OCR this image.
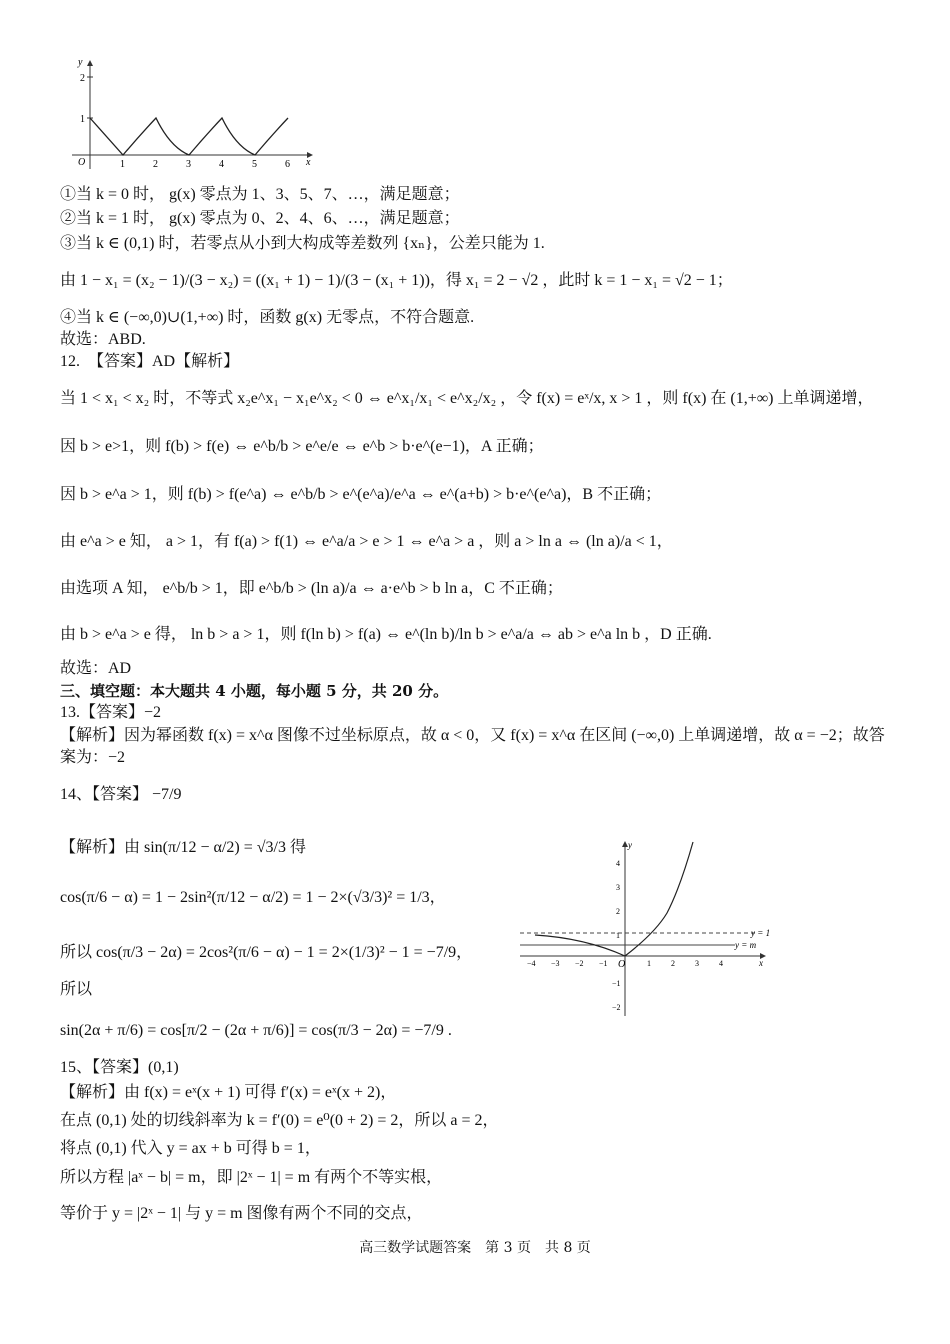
y
x
O
1
2
1	2	3	4	5	6
①当 k = 0 时， g(x) 零点为 1、3、5、7、…，满足题意；
②当 k = 1 时， g(x) 零点为 0、2、4、6、…，满足题意；
③当 k ∈ (0,1) 时，若零点从小到大构成等差数列 {xₙ}，公差只能为 1.
由 1 − x₁ = (x₂ − 1)/(3 − x₂) = ((x₁ + 1) − 1)/(3 − (x₁ + 1))，得 x₁ = 2 − √2 ，此时 k = 1 − x₁ = √2 − 1；
④当 k ∈ (−∞,0)∪(1,+∞) 时，函数 g(x) 无零点，不符合题意.
故选：ABD.
12.　【答案】AD【解析】
当 1 < x₁ < x₂ 时，不等式 x₂e^x₁ − x₁e^x₂ < 0 ⇔ e^x₁/x₁ < e^x₂/x₂ ，令 f(x) = eˣ/x, x > 1 ，则 f(x) 在 (1,+∞) 上单调递增，
因 b > e>1，则 f(b) > f(e) ⇔ e^b/b > e^e/e ⇔ e^b > b·e^(e−1)，A 正确；
因 b > e^a > 1，则 f(b) > f(e^a) ⇔ e^b/b > e^(e^a)/e^a ⇔ e^(a+b) > b·e^(e^a)，B 不正确；
由 e^a > e 知， a > 1，有 f(a) > f(1) ⇔ e^a/a > e > 1 ⇔ e^a > a ，则 a > ln a ⇔ (ln a)/a < 1，
由选项 A 知， e^b/b > 1，即 e^b/b > (ln a)/a ⇔ a·e^b > b ln a，C 不正确；
由 b > e^a > e 得， ln b > a > 1，则 f(ln b) > f(a) ⇔ e^(ln b)/ln b > e^a/a ⇔ ab > e^a ln b ，D 正确.
故选：AD
三、填空题：本大题共 4 小题，每小题 5 分，共 20 分。
13.【答案】−2
【解析】因为幂函数 f(x) = x^α 图像不过坐标原点，故 α < 0，又 f(x) = x^α 在区间 (−∞,0) 上单调递增，故 α = −2；故答案为：−2
14、【答案】 −7/9
【解析】由 sin(π/12 − α/2) = √3/3 得
cos(π/6 − α) = 1 − 2sin²(π/12 − α/2) = 1 − 2×(√3/3)² = 1/3，
所以 cos(π/3 − 2α) = 2cos²(π/6 − α) − 1 = 2×(1/3)² − 1 = −7/9，
所以
sin(2α + π/6) = cos[π/2 − (2α + π/6)] = cos(π/3 − 2α) = −7/9 .
15、【答案】(0,1)
【解析】由 f(x) = eˣ(x + 1) 可得 f′(x) = eˣ(x + 2)，
在点 (0,1) 处的切线斜率为 k = f′(0) = e⁰(0 + 2) = 2，所以 a = 2，
将点 (0,1) 代入 y = ax + b 可得 b = 1，
所以方程 |aˣ − b| = m，即 |2ˣ − 1| = m 有两个不等实根，
等价于 y = |2ˣ − 1| 与 y = m 图像有两个不同的交点，
y
x
O
4
3
2
1
−1
−2
−4 −3 −2 −1	1	2	3	4
y = 1
y = m
高三数学试题答案　第 3 页　共 8 页
